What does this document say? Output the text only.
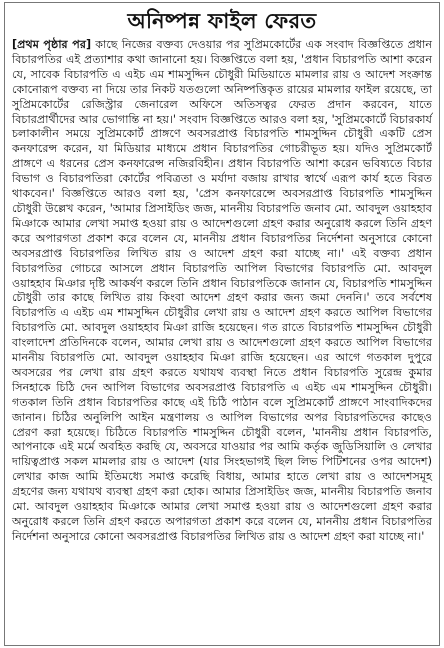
অনিষ্পন্ন ফাইল ফেরত

[প্রথম পৃষ্ঠার পর] কাছে নিজের বক্তব্য দেওয়ার পর সুপ্রিমকোর্টের এক সংবাদ বিজ্ঞপ্তিতে প্রধান বিচারপতির এই প্রত্যাশার কথা জানানো হয়। বিজ্ঞপ্তিতে বলা হয়, 'প্রধান বিচারপতি আশা করেন যে, সাবেক বিচারপতি এ এইচ এম শামসুদ্দিন চৌধুরী মিডিয়াতে মামলার রায় ও আদেশ সংক্রান্ত কোনোরূপ বক্তব্য না দিয়ে তার নিকট যতগুলো অনিষ্পত্তিকৃত রায়ের মামলার ফাইল রয়েছে, তা সুপ্রিমকোর্টের রেজিস্ট্রার জেনারেল অফিসে অতিসত্বর ফেরত প্রদান করবেন, যাতে বিচারপ্রার্থীদের আর ভোগান্তি না হয়।' সংবাদ বিজ্ঞপ্তিতে আরও বলা হয়, 'সুপ্রিমকোর্টে বিচারকার্য চলাকালীন সময়ে সুপ্রিমকোর্ট প্রাঙ্গণে অবসরপ্রাপ্ত বিচারপতি শামসুদ্দিন চৌধুরী একটি প্রেস কনফারেন্স করেন, যা মিডিয়ার মাধ্যমে প্রধান বিচারপতির গোচরীভূত হয়। যদিও সুপ্রিমকোর্ট প্রাঙ্গণে এ ধরনের প্রেস কনফারেন্স নজিরবিহীন। প্রধান বিচারপতি আশা করেন ভবিষ্যতে বিচার বিভাগ ও বিচারপতিরা কোর্টের পবিত্রতা ও মর্যাদা বজায় রাখার স্বার্থে এরূপ কার্য হতে বিরত থাকবেন।' বিজ্ঞপ্তিতে আরও বলা হয়, 'প্রেস কনফারেন্সে অবসরপ্রাপ্ত বিচারপতি শামসুদ্দিন চৌধুরী উল্লেখ করেন, 'আমার প্রিসাইডিং জজ, মাননীয় বিচারপতি জনাব মো. আবদুল ওয়াহহাব মিঞাকে আমার লেখা সমাপ্ত হওয়া রায় ও আদেশগুলো গ্রহণ করার অনুরোধ করলে তিনি গ্রহণ করে অপারগতা প্রকাশ করে বলেন যে, মাননীয় প্রধান বিচারপতির নির্দেশনা অনুসারে কোনো অবসরপ্রাপ্ত বিচারপতির লিখিত রায় ও আদেশ গ্রহণ করা যাচ্ছে না।' এই বক্তব্য প্রধান বিচারপতির গোচরে আসলে প্রধান বিচারপতি আপিল বিভাগের বিচারপতি মো. আবদুল ওয়াহহাব মিঞার দৃষ্টি আকর্ষণ করলে তিনি প্রধান বিচারপতিকে জানান যে, বিচারপতি শামসুদ্দিন চৌধুরী তার কাছে লিখিত রায় কিংবা আদেশ গ্রহণ করার জন্য জমা দেননি।' তবে সর্বশেষ বিচারপতি এ এইচ এম শামসুদ্দিন চৌধুরীর লেখা রায় ও আদেশ গ্রহণ করতে আপিল বিভাগের বিচারপতি মো. আবদুল ওয়াহহাব মিঞা রাজি হয়েছেন। গত রাতে বিচারপতি শামসুদ্দিন চৌধুরী বাংলাদেশ প্রতিদিনকে বলেন, আমার লেখা রায় ও আদেশগুলো গ্রহণ করতে আপিল বিভাগের মাননীয় বিচারপতি মো. আবদুল ওয়াহহাব মিঞা রাজি হয়েছেন। এর আগে গতকাল দুপুরে অবসরের পর লেখা রায় গ্রহণ করতে যথাযথ ব্যবস্থা নিতে প্রধান বিচারপতি সুরেন্দ্র কুমার সিনহাকে চিঠি দেন আপিল বিভাগের অবসরপ্রাপ্ত বিচারপতি এ এইচ এম শামসুদ্দিন চৌধুরী। গতকাল তিনি প্রধান বিচারপতির কাছে এই চিঠি পাঠান বলে সুপ্রিমকোর্ট প্রাঙ্গণে সাংবাদিকদের জানান। চিঠির অনুলিপি আইন মন্ত্রণালয় ও আপিল বিভাগের অপর বিচারপতিদের কাছেও প্রেরণ করা হয়েছে। চিঠিতে বিচারপতি শামসুদ্দিন চৌধুরী বলেন, 'মাননীয় প্রধান বিচারপতি, আপনাকে এই মর্মে অবহিত করছি যে, অবসরে যাওয়ার পর আমি কর্তৃক জুডিসিয়ালি ও লেখার দায়িত্বপ্রাপ্ত সকল মামলার রায় ও আদেশ (যার সিংহভাগই ছিল লিভ পিটিশনের ওপর আদেশ) লেখার কাজ আমি ইতিমধ্যে সমাপ্ত করেছি বিধায়, আমার হাতে লেখা রায় ও আদেশসমূহ গ্রহণের জন্য যথাযথ ব্যবস্থা গ্রহণ করা হোক। আমার প্রিসাইডিং জজ, মাননীয় বিচারপতি জনাব মো. আবদুল ওয়াহহাব মিঞাকে আমার লেখা সমাপ্ত হওয়া রায় ও আদেশগুলো গ্রহণ করার অনুরোধ করলে তিনি গ্রহণ করতে অপারগতা প্রকাশ করে বলেন যে, মাননীয় প্রধান বিচারপতির নির্দেশনা অনুসারে কোনো অবসরপ্রাপ্ত বিচারপতির লিখিত রায় ও আদেশ গ্রহণ করা যাচ্ছে না।'
